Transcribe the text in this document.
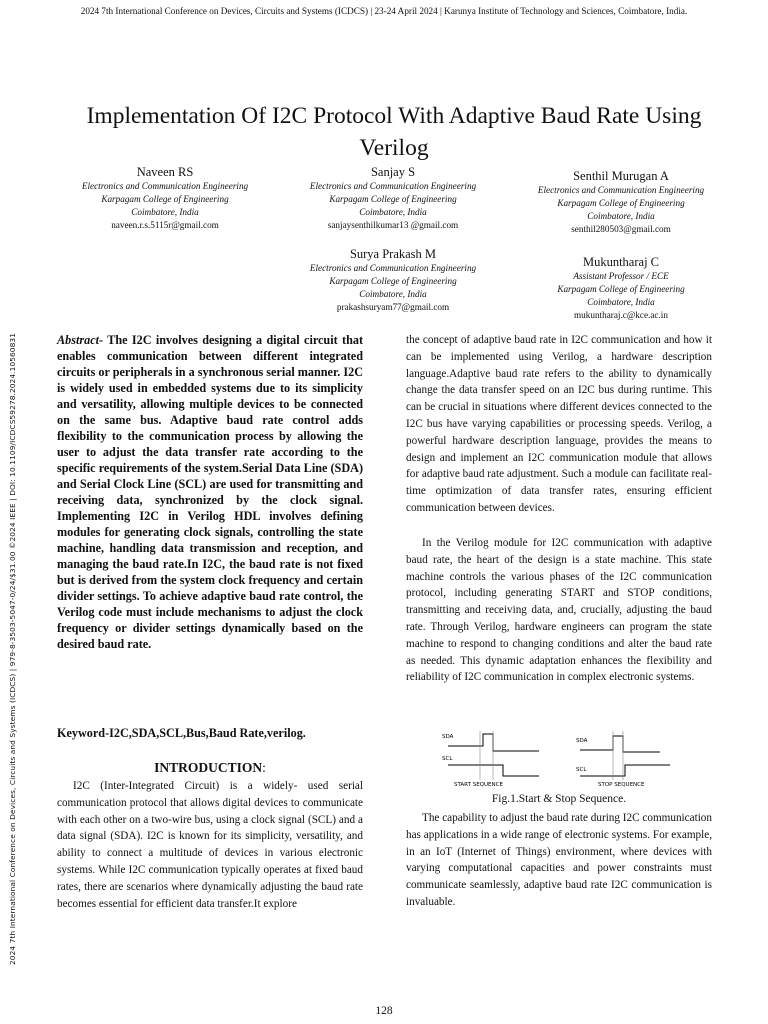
2024 7th International Conference on Devices, Circuits and Systems (ICDCS) | 23-24 April 2024 | Karunya Institute of Technology and Sciences, Coimbatore, India.
2024 7th International Conference on Devices, Circuits and Systems (ICDCS) | 979-8-3503-5047-0/24/$31.00 ©2024 IEEE | DOI: 10.1109/ICDCS59278.2024.10560831
Implementation Of I2C Protocol With Adaptive Baud Rate Using Verilog
Naveen RS
Electronics and Communication Engineering
Karpagam College of Engineering
Coimbatore, India
naveen.r.s.5115r@gmail.com
Sanjay S
Electronics and Communication Engineering
Karpagam College of Engineering
Coimbatore, India
sanjaysenthilkumar13 @gmail.com
Senthil Murugan A
Electronics and Communication Engineering
Karpagam College of Engineering
Coimbatore, India
senthil280503@gmail.com
Surya Prakash M
Electronics and Communication Engineering
Karpagam College of Engineering
Coimbatore, India
prakashsuryam77@gmail.com
Mukuntharaj C
Assistant Professor / ECE
Karpagam College of Engineering
Coimbatore, India
mukuntharaj.c@kce.ac.in
Abstract- The I2C involves designing a digital circuit that enables communication between different integrated circuits or peripherals in a synchronous serial manner. I2C is widely used in embedded systems due to its simplicity and versatility, allowing multiple devices to be connected on the same bus. Adaptive baud rate control adds flexibility to the communication process by allowing the user to adjust the data transfer rate according to the specific requirements of the system.Serial Data Line (SDA) and Serial Clock Line (SCL) are used for transmitting and receiving data, synchronized by the clock signal. Implementing I2C in Verilog HDL involves defining modules for generating clock signals, controlling the state machine, handling data transmission and reception, and managing the baud rate.In I2C, the baud rate is not fixed but is derived from the system clock frequency and certain divider settings. To achieve adaptive baud rate control, the Verilog code must include mechanisms to adjust the clock frequency or divider settings dynamically based on the desired baud rate.
Keyword-I2C,SDA,SCL,Bus,Baud Rate,verilog.
INTRODUCTION:
I2C (Inter-Integrated Circuit) is a widely- used serial communication protocol that allows digital devices to communicate with each other on a two-wire bus, using a clock signal (SCL) and a data signal (SDA). I2C is known for its simplicity, versatility, and ability to connect a multitude of devices in various electronic systems. While I2C communication typically operates at fixed baud rates, there are scenarios where dynamically adjusting the baud rate becomes essential for efficient data transfer.It explore
the concept of adaptive baud rate in I2C communication and how it can be implemented using Verilog, a hardware description language.Adaptive baud rate refers to the ability to dynamically change the data transfer speed on an I2C bus during runtime. This can be crucial in situations where different devices connected to the I2C bus have varying capabilities or processing speeds. Verilog, a powerful hardware description language, provides the means to design and implement an I2C communication module that allows for adaptive baud rate adjustment. Such a module can facilitate real- time optimization of data transfer rates, ensuring efficient communication between devices.
In the Verilog module for I2C communication with adaptive baud rate, the heart of the design is a state machine. This state machine controls the various phases of the I2C communication protocol, including generating START and STOP conditions, transmitting and receiving data, and, crucially, adjusting the baud rate. Through Verilog, hardware engineers can program the state machine to respond to changing conditions and alter the baud rate as needed. This dynamic adaptation enhances the flexibility and reliability of I2C communication in complex electronic systems.
SDA
SCL
START SEQUENCE
SDA
SCL
STOP SEQUENCE
Fig.1.Start & Stop Sequence.
The capability to adjust the baud rate during I2C communication has applications in a wide range of electronic systems. For example, in an IoT (Internet of Things) environment, where devices with varying computational capacities and power constraints must communicate seamlessly, adaptive baud rate I2C communication is invaluable.
128
